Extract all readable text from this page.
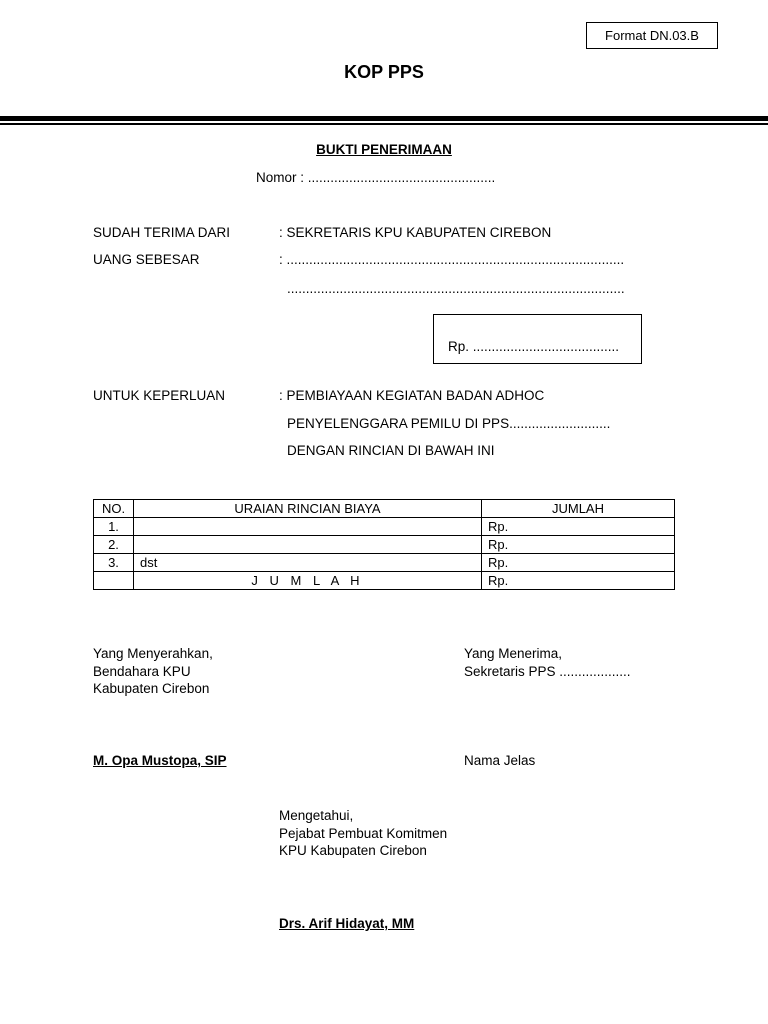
Format DN.03.B
KOP PPS
BUKTI PENERIMAAN
Nomor : ..................................................
SUDAH TERIMA DARI	: SEKRETARIS KPU KABUPATEN CIREBON
UANG SEBESAR	: ..........................................................................................
..........................................................................................
Rp. .......................................
UNTUK KEPERLUAN	: PEMBIAYAAN KEGIATAN BADAN ADHOC
PENYELENGGARA PEMILU DI PPS...........................
DENGAN RINCIAN DI BAWAH INI
NO.	URAIAN RINCIAN BIAYA	JUMLAH
1.		Rp.
2.		Rp.
3.	dst	Rp.
	J U M L A H	Rp.
Yang Menyerahkan,
Bendahara KPU
Kabupaten Cirebon
M. Opa Mustopa, SIP
Yang Menerima,
Sekretaris PPS ...................
Nama Jelas
Mengetahui,
Pejabat Pembuat Komitmen
KPU Kabupaten Cirebon
Drs. Arif Hidayat, MM
